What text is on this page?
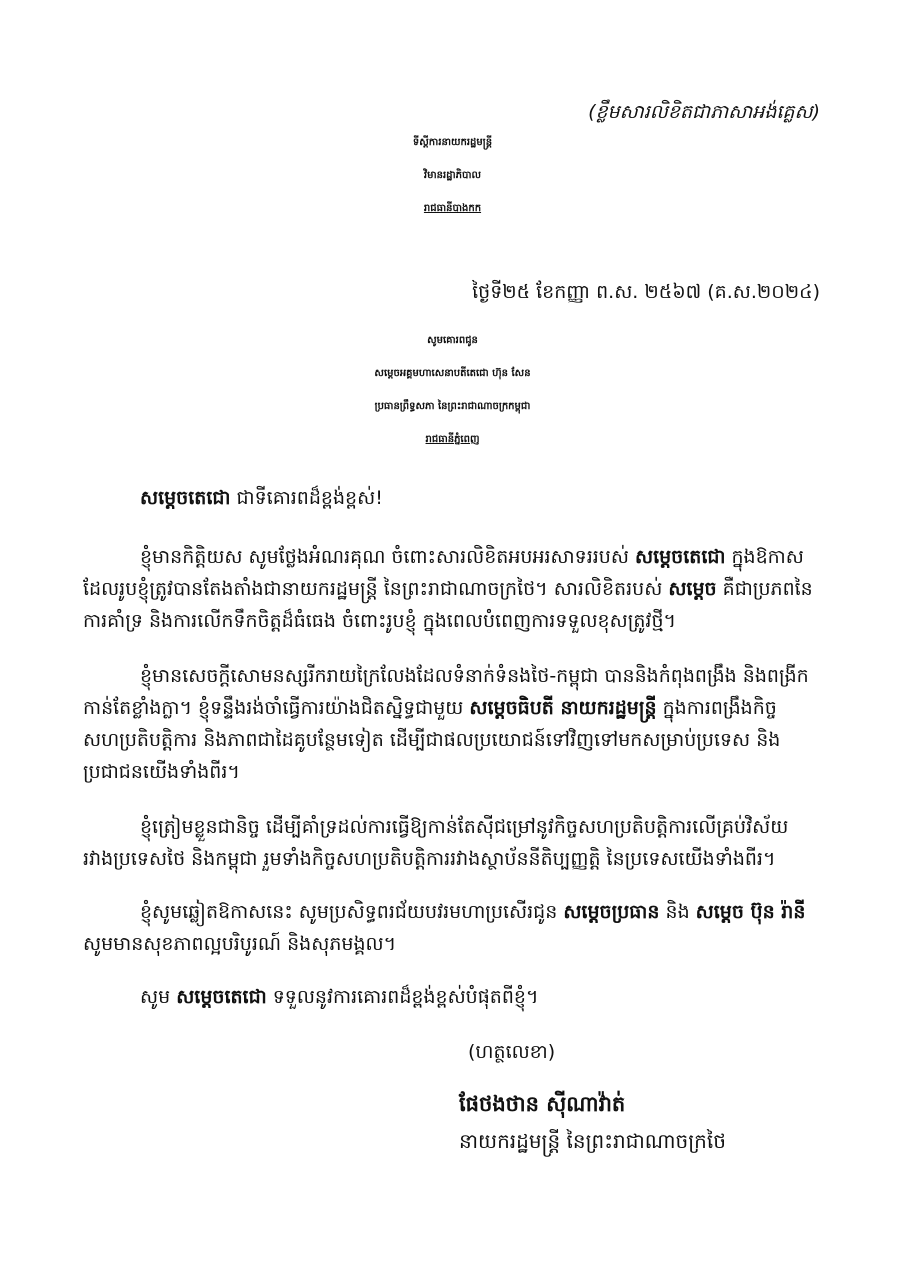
(ខ្លឹមសារលិខិតជាភាសាអង់គ្លេស)
ទីស្តីការនាយករដ្ឋមន្ត្រី
វិមានរដ្ឋាភិបាល
រាជធានីបាងកក
ថ្ងៃទី២៥ ខែកញ្ញា ព.ស. ២៥៦៧ (គ.ស.២០២៤)
សូមគោរពជូន
សម្តេចអគ្គមហាសេនាបតីតេជោ ហ៊ុន សែន
ប្រធានព្រឹទ្ធសភា នៃព្រះរាជាណាចក្រកម្ពុជា
រាជធានីភ្នំពេញ
សម្តេចតេជោ ជាទីគោរពដ៏ខ្ពង់ខ្ពស់!
ខ្ញុំមានកិត្តិយស សូមថ្លែងអំណរគុណ ចំពោះសារលិខិតអបអរសាទររបស់ សម្តេចតេជោ ក្នុងឱកាស
ដែលរូបខ្ញុំត្រូវបានតែងតាំងជានាយករដ្ឋមន្ត្រី នៃព្រះរាជាណាចក្រថៃ។ សារលិខិតរបស់ សម្តេច គឺជាប្រភពនៃ
ការគាំទ្រ និងការលើកទឹកចិត្តដ៏ធំធេង ចំពោះរូបខ្ញុំ ក្នុងពេលបំពេញការទទួលខុសត្រូវថ្មី។
ខ្ញុំមានសេចក្តីសោមនស្សរីករាយក្រៃលែងដែលទំនាក់ទំនងថៃ-កម្ពុជា បាននិងកំពុងពង្រឹង និងពង្រីក
កាន់តែខ្លាំងក្លា។ ខ្ញុំទន្ទឹងរង់ចាំធ្វើការយ៉ាងជិតស្និទ្ធជាមួយ សម្តេចធិបតី នាយករដ្ឋមន្ត្រី ក្នុងការពង្រឹងកិច្ច
សហប្រតិបត្តិការ និងភាពជាដៃគូបន្ថែមទៀត ដើម្បីជាផលប្រយោជន៍ទៅវិញទៅមកសម្រាប់ប្រទេស និង
ប្រជាជនយើងទាំងពីរ។
ខ្ញុំត្រៀមខ្លួនជានិច្ច ដើម្បីគាំទ្រដល់ការធ្វើឱ្យកាន់តែស៊ីជម្រៅនូវកិច្ចសហប្រតិបត្តិការលើគ្រប់វិស័យ
រវាងប្រទេសថៃ និងកម្ពុជា រួមទាំងកិច្ចសហប្រតិបត្តិការរវាងស្ថាប័ននីតិប្បញ្ញត្តិ នៃប្រទេសយើងទាំងពីរ។
ខ្ញុំសូមឆ្លៀតឱកាសនេះ សូមប្រសិទ្ធពរជ័យបវរមហាប្រសើរជូន សម្តេចប្រធាន និង សម្តេច ប៊ុន រ៉ានី
សូមមានសុខភាពល្អបរិបូរណ៍ និងសុភមង្គល។
សូម សម្តេចតេជោ ទទួលនូវការគោរពដ៏ខ្ពង់ខ្ពស់បំផុតពីខ្ញុំ។
(ហត្ថលេខា)
ផែថងថាន ស៊ីណាវ៉ាត់
នាយករដ្ឋមន្ត្រី នៃព្រះរាជាណាចក្រថៃ
